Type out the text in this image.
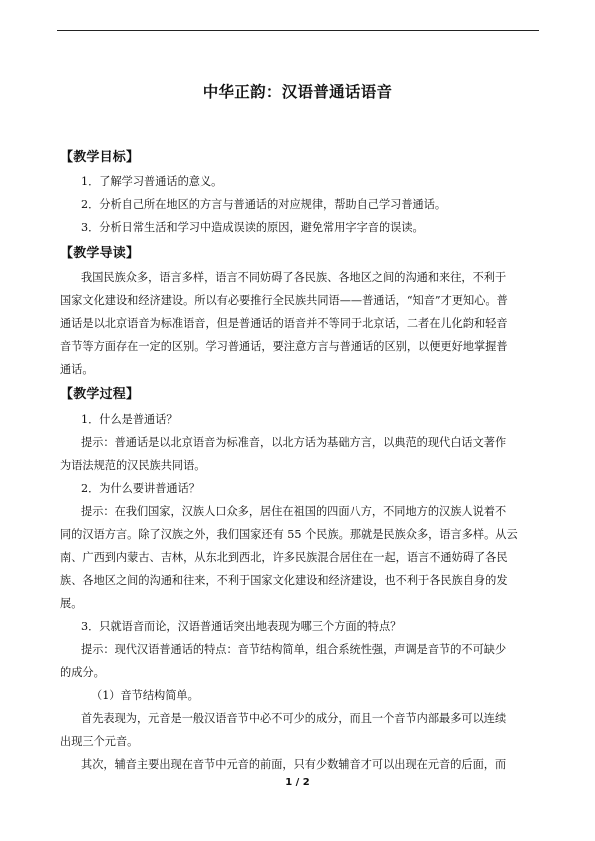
中华正韵：汉语普通话语音
【教学目标】
1．了解学习普通话的意义。
2．分析自己所在地区的方言与普通话的对应规律，帮助自己学习普通话。
3．分析日常生活和学习中造成误读的原因，避免常用字字音的误读。
【教学导读】
我国民族众多，语言多样，语言不同妨碍了各民族、各地区之间的沟通和来往，不利于
国家文化建设和经济建设。所以有必要推行全民族共同语——普通话，“知音”才更知心。普
通话是以北京语音为标准语音，但是普通话的语音并不等同于北京话，二者在儿化韵和轻音
音节等方面存在一定的区别。学习普通话，要注意方言与普通话的区别，以便更好地掌握普
通话。
【教学过程】
1．什么是普通话？
提示：普通话是以北京语音为标准音，以北方话为基础方言，以典范的现代白话文著作
为语法规范的汉民族共同语。
2．为什么要讲普通话？
提示：在我们国家，汉族人口众多，居住在祖国的四面八方，不同地方的汉族人说着不
同的汉语方言。除了汉族之外，我们国家还有 55 个民族。那就是民族众多，语言多样。从云
南、广西到内蒙古、吉林，从东北到西北，许多民族混合居住在一起，语言不通妨碍了各民
族、各地区之间的沟通和往来，不利于国家文化建设和经济建设，也不利于各民族自身的发
展。
3．只就语音而论，汉语普通话突出地表现为哪三个方面的特点？
提示：现代汉语普通话的特点：音节结构简单，组合系统性强，声调是音节的不可缺少
的成分。
（1）音节结构简单。
首先表现为，元音是一般汉语音节中必不可少的成分，而且一个音节内部最多可以连续
出现三个元音。
其次，辅音主要出现在音节中元音的前面，只有少数辅音才可以出现在元音的后面，而
1 / 2
